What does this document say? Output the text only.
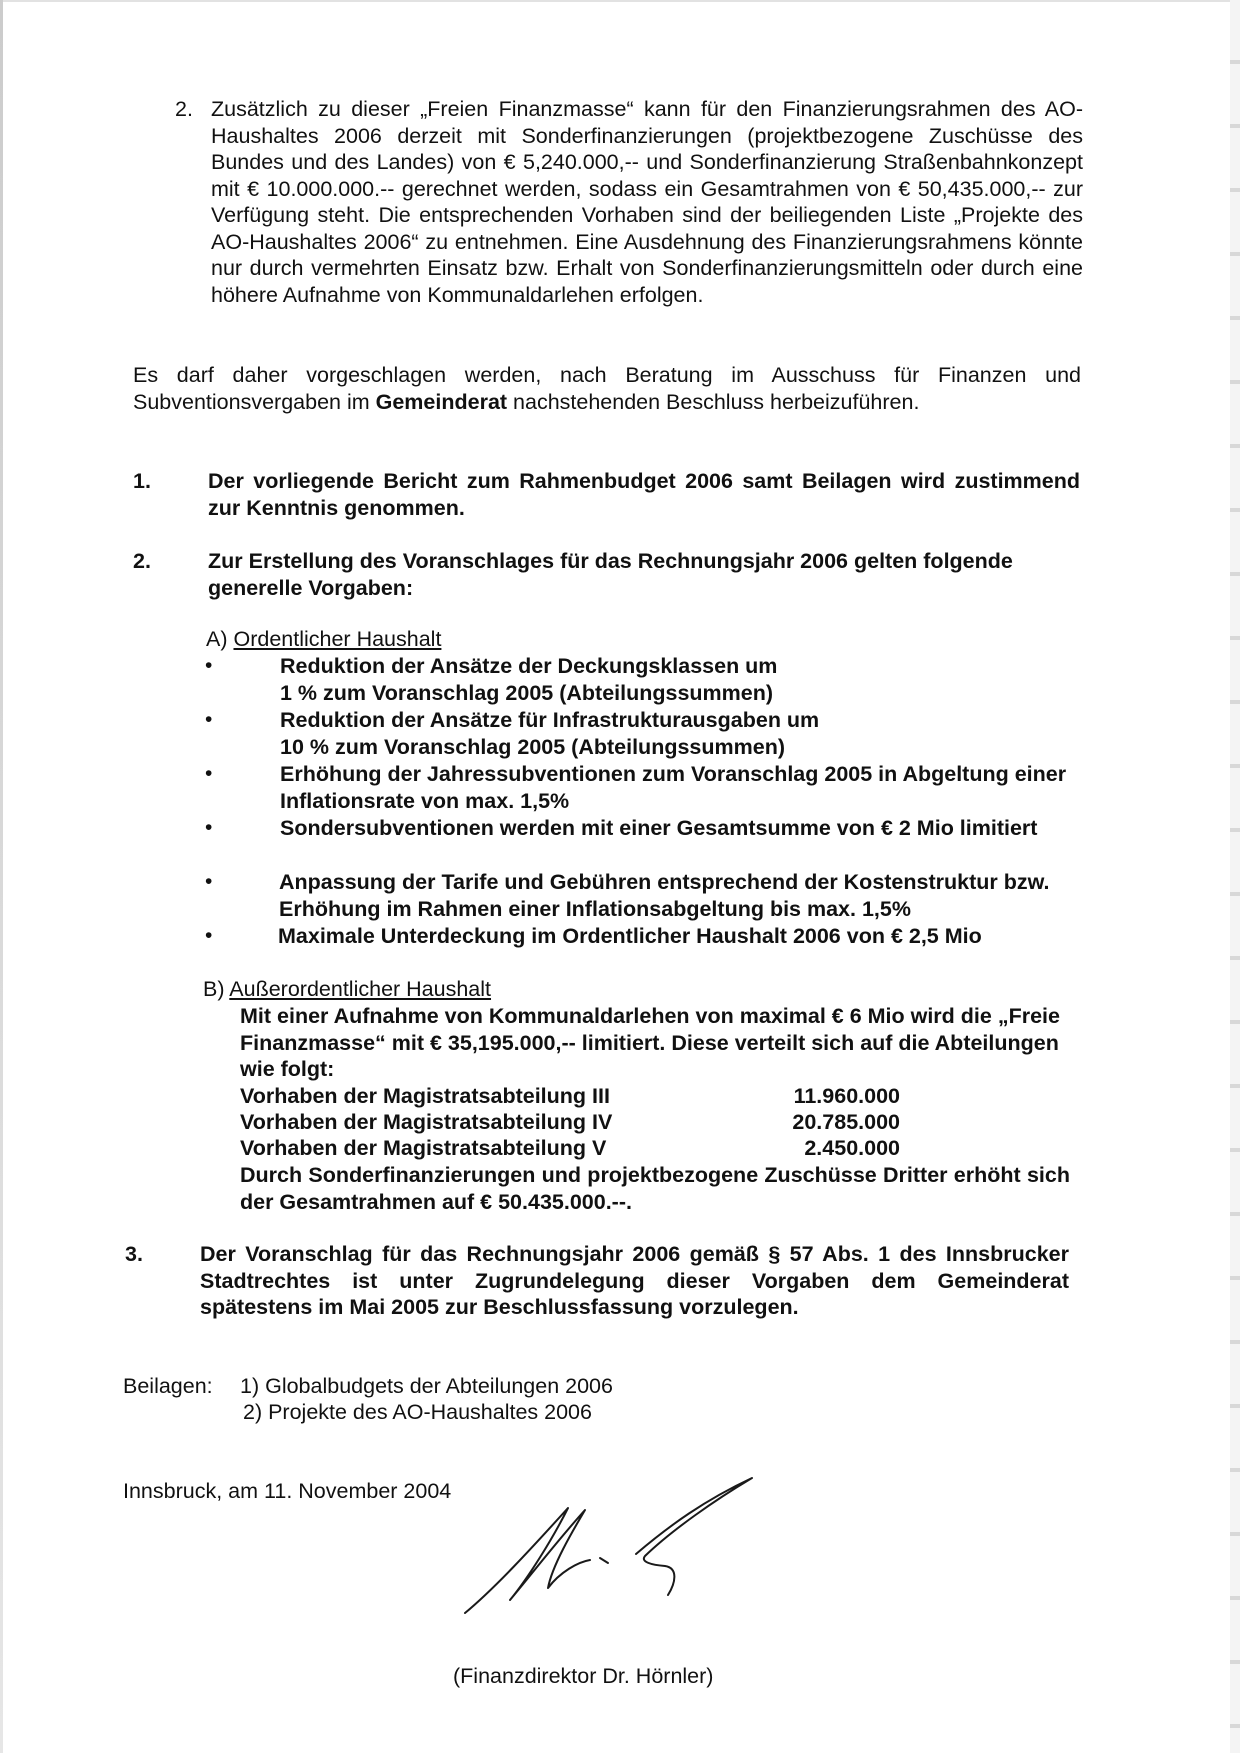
2. Zusätzlich zu dieser „Freien Finanzmasse“ kann für den Finanzierungsrahmen des AO-Haushaltes 2006 derzeit mit Sonderfinanzierungen (projektbezogene Zuschüsse des Bundes und des Landes) von € 5,240.000,-- und Sonderfinanzierung Straßenbahnkonzept mit € 10.000.000.-- gerechnet werden, sodass ein Gesamtrahmen von € 50,435.000,-- zur Verfügung steht. Die entsprechenden Vorhaben sind der beiliegenden Liste „Projekte des AO-Haushaltes 2006“ zu entnehmen. Eine Ausdehnung des Finanzierungsrahmens könnte nur durch vermehrten Einsatz bzw. Erhalt von Sonderfinanzierungsmitteln oder durch eine höhere Aufnahme von Kommunaldarlehen erfolgen.
Es darf daher vorgeschlagen werden, nach Beratung im Ausschuss für Finanzen und Subventionsvergaben im Gemeinderat nachstehenden Beschluss herbeizuführen.
1.	Der vorliegende Bericht zum Rahmenbudget 2006 samt Beilagen wird zustimmend zur Kenntnis genommen.
2.	Zur Erstellung des Voranschlages für das Rechnungsjahr 2006 gelten folgende generelle Vorgaben:
A) Ordentlicher Haushalt
•	Reduktion der Ansätze der Deckungsklassen um
1 % zum Voranschlag 2005 (Abteilungssummen)
•	Reduktion der Ansätze für Infrastrukturausgaben um
10 % zum Voranschlag 2005 (Abteilungssummen)
•	Erhöhung der Jahressubventionen zum Voranschlag 2005 in Abgeltung einer Inflationsrate von max. 1,5%
•	Sondersubventionen werden mit einer Gesamtsumme von € 2 Mio limitiert
•	Anpassung der Tarife und Gebühren entsprechend der Kostenstruktur bzw. Erhöhung im Rahmen einer Inflationsabgeltung bis max. 1,5%
•	Maximale Unterdeckung im Ordentlicher Haushalt 2006 von € 2,5 Mio
B) Außerordentlicher Haushalt
Mit einer Aufnahme von Kommunaldarlehen von maximal € 6 Mio wird die „Freie Finanzmasse“ mit € 35,195.000,-- limitiert. Diese verteilt sich auf die Abteilungen wie folgt:
Vorhaben der Magistratsabteilung III	11.960.000
Vorhaben der Magistratsabteilung IV	20.785.000
Vorhaben der Magistratsabteilung V	2.450.000
Durch Sonderfinanzierungen und projektbezogene Zuschüsse Dritter erhöht sich der Gesamtrahmen auf € 50.435.000.--.
3.	Der Voranschlag für das Rechnungsjahr 2006 gemäß § 57 Abs. 1 des Innsbrucker Stadtrechtes ist unter Zugrundelegung dieser Vorgaben dem Gemeinderat spätestens im Mai 2005 zur Beschlussfassung vorzulegen.
Beilagen: 1) Globalbudgets der Abteilungen 2006
2) Projekte des AO-Haushaltes 2006
Innsbruck, am 11. November 2004
(Finanzdirektor Dr. Hörnler)
